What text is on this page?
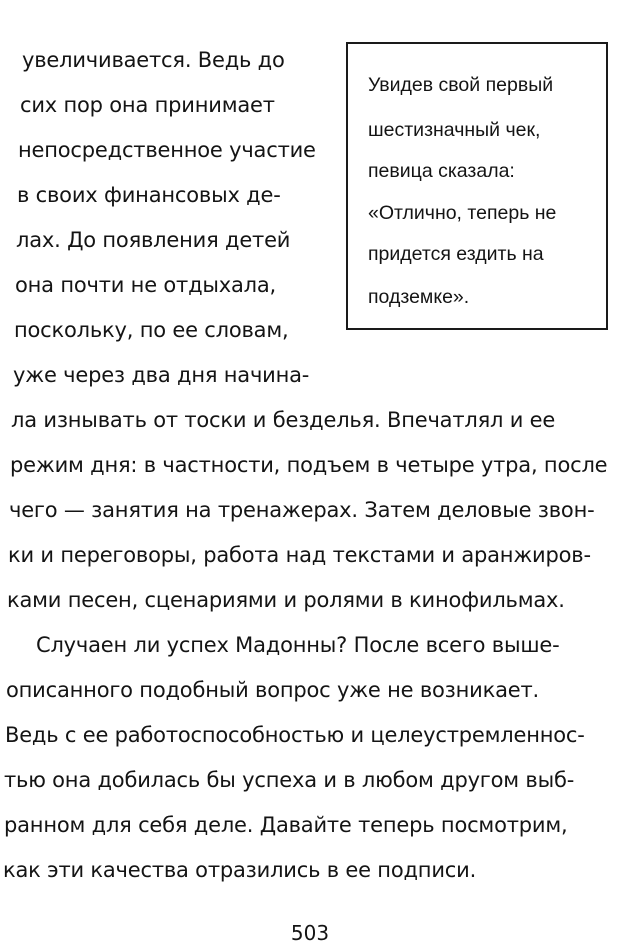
увеличивается. Ведь до
сих пор она принимает
непосредственное участие
в своих финансовых де-
лах. До появления детей
она почти не отдыхала,
поскольку, по ее словам,
уже через два дня начина-
ла изнывать от тоски и безделья. Впечатлял и ее
режим дня: в частности, подъем в четыре утра, после
чего — занятия на тренажерах. Затем деловые звон-
ки и переговоры, работа над текстами и аранжиров-
ками песен, сценариями и ролями в кинофильмах.
Случаен ли успех Мадонны? После всего выше-
описанного подобный вопрос уже не возникает.
Ведь с ее работоспособностью и целеустремленнос-
тью она добилась бы успеха и в любом другом выб-
ранном для себя деле. Давайте теперь посмотрим,
как эти качества отразились в ее подписи.
Увидев свой первый
шестизначный чек,
певица сказала:
«Отлично, теперь не
придется ездить на
подземке».
503
